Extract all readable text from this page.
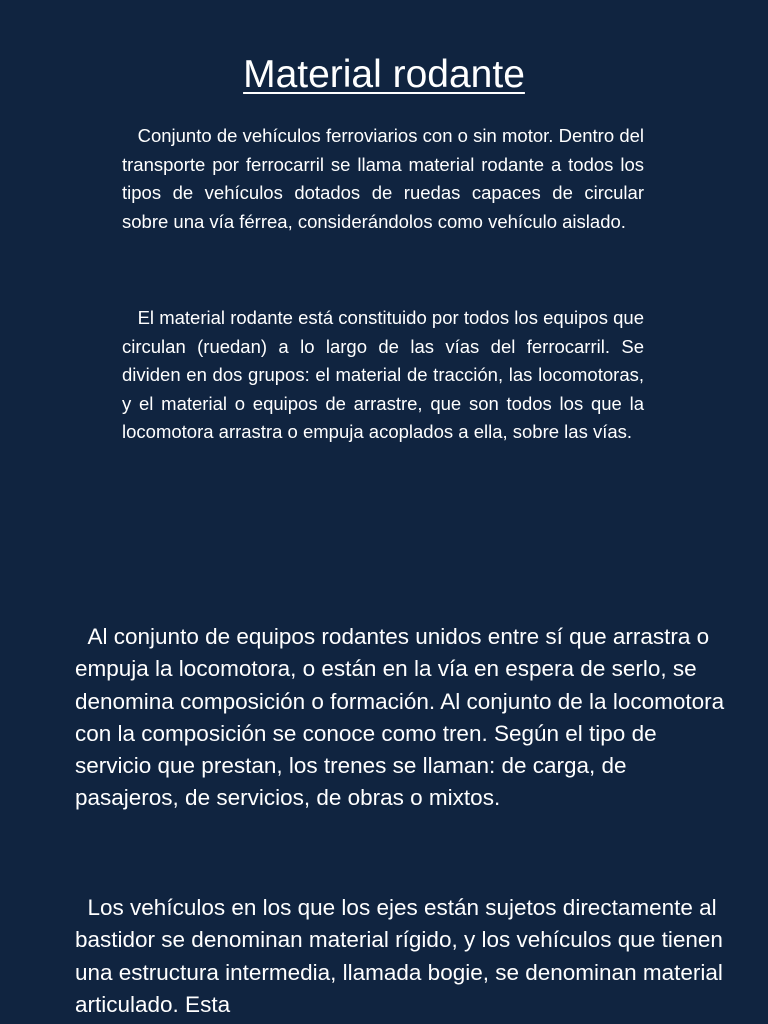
Material rodante

Conjunto de vehículos ferroviarios con o sin motor. Dentro del transporte por ferrocarril se llama material rodante a todos los tipos de vehículos dotados de ruedas capaces de circular sobre una vía férrea, considerándolos como vehículo aislado.

El material rodante está constituido por todos los equipos que circulan (ruedan) a lo largo de las vías del ferrocarril. Se dividen en dos grupos: el material de tracción, las locomotoras, y el material o equipos de arrastre, que son todos los que la locomotora arrastra o empuja acoplados a ella, sobre las vías.

Al conjunto de equipos rodantes unidos entre sí que arrastra o empuja la locomotora, o están en la vía en espera de serlo, se denomina composición o formación. Al conjunto de la locomotora con la composición se conoce como tren. Según el tipo de servicio que prestan, los trenes se llaman: de carga, de pasajeros, de servicios, de obras o mixtos.

Los vehículos en los que los ejes están sujetos directamente al bastidor se denominan material rígido, y los vehículos que tienen una estructura intermedia, llamada bogie, se denominan material articulado. Esta
